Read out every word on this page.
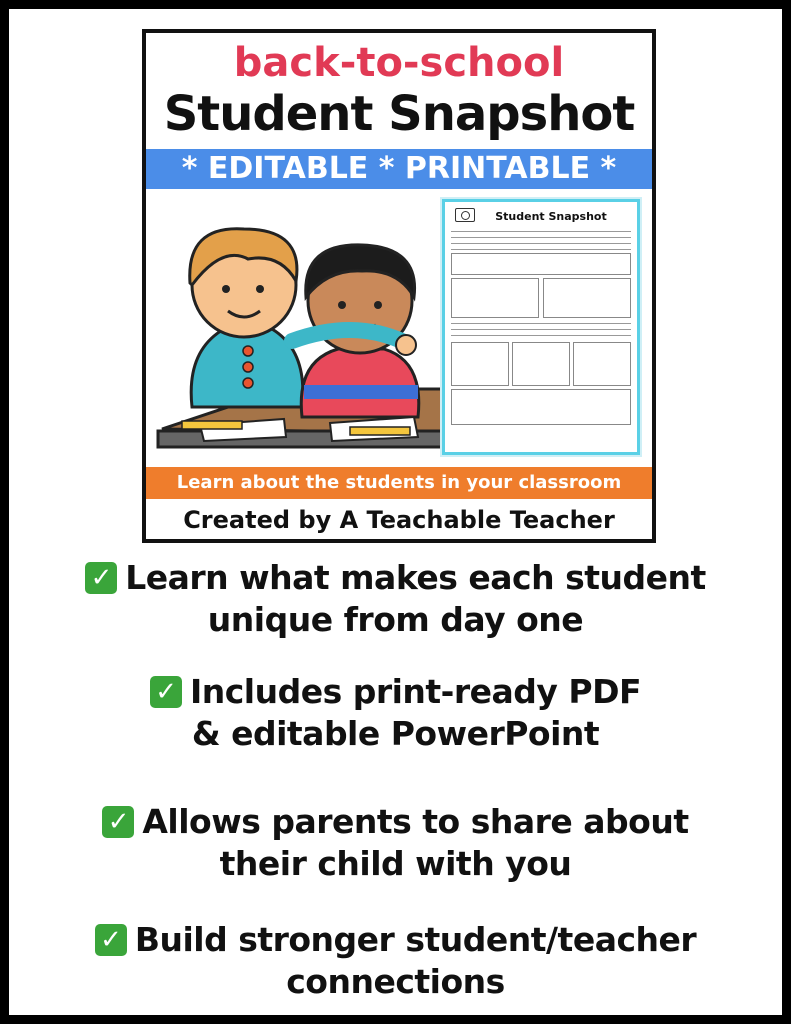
back-to-school
Student Snapshot
* EDITABLE * PRINTABLE *
Student Snapshot
Learn about the students in your classroom
Created by A Teachable Teacher
✓ Learn what makes each student
unique from day one
✓ Includes print-ready PDF
& editable PowerPoint
✓ Allows parents to share about
their child with you
✓ Build stronger student/teacher
connections
